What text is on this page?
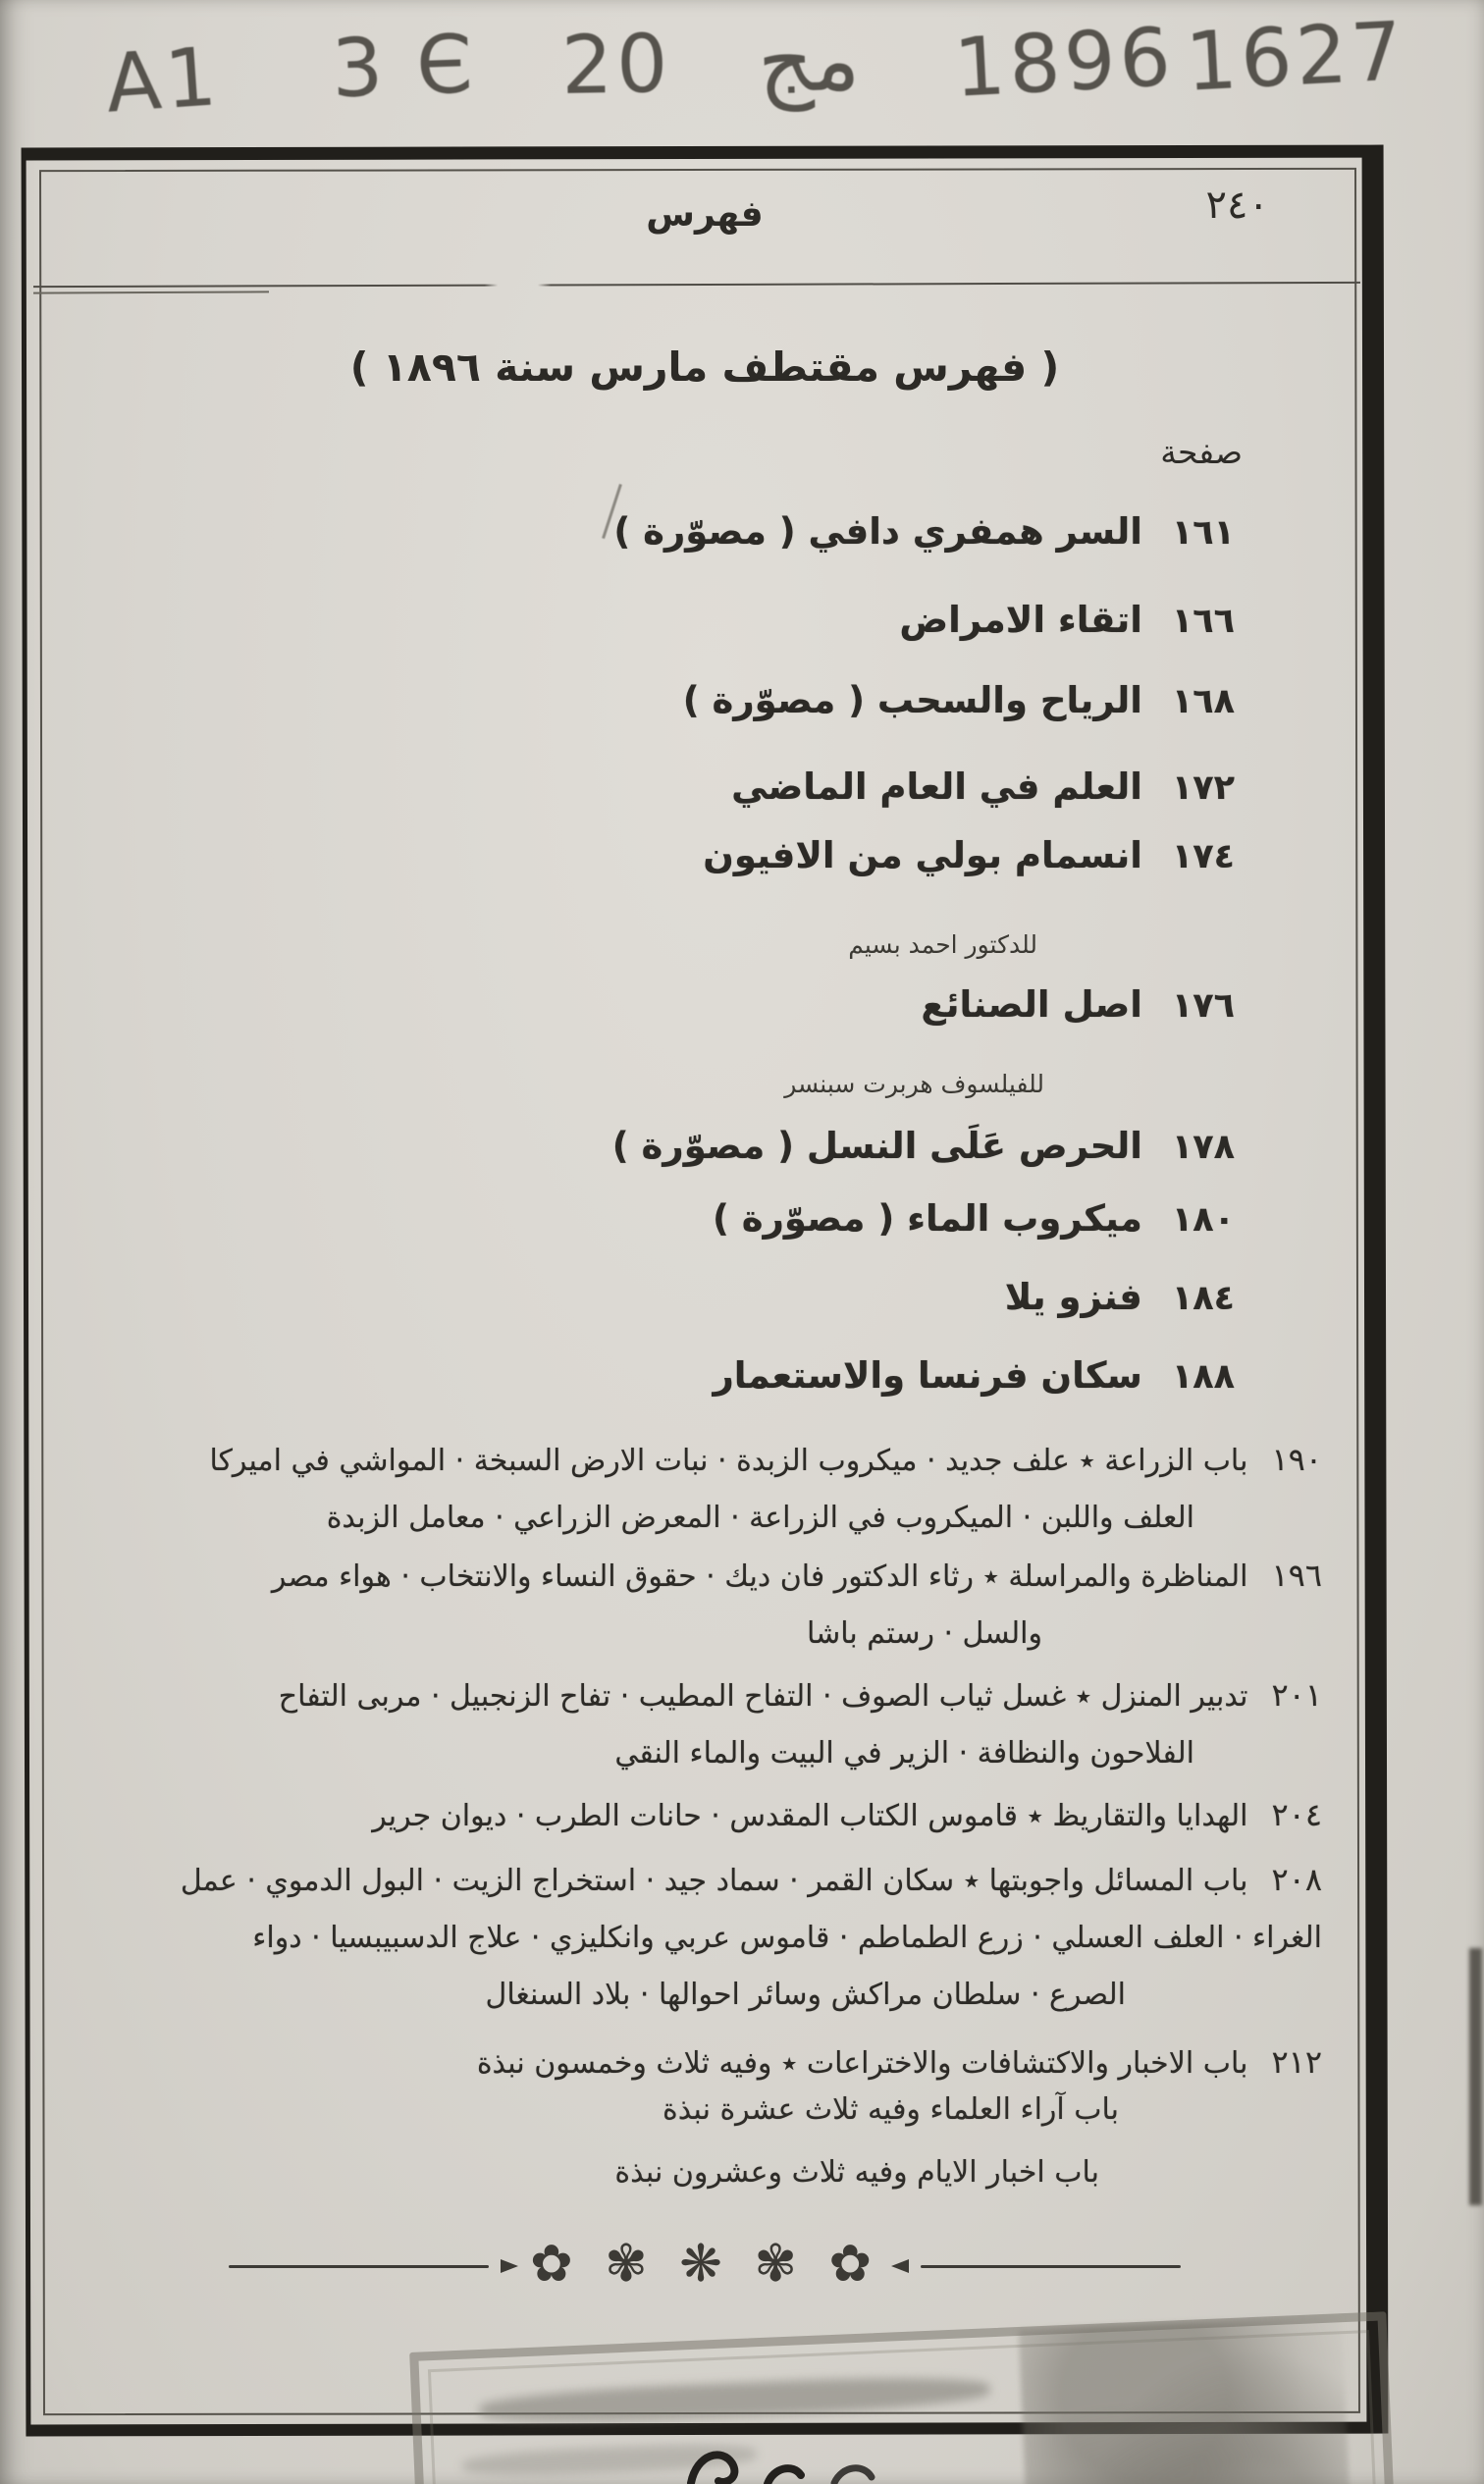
A1 3 Є 20 مج 1896 1627
فهرس	٢٤٠
( فهرس مقتطف مارس سنة ١٨٩٦ )
صفحة
١٦١السر همفري دافي ( مصوّرة )
١٦٦اتقاء الامراض
١٦٨الرياح والسحب ( مصوّرة )
١٧٢العلم في العام الماضي
١٧٤انسمام بولي من الافيون
للدكتور احمد بسيم
١٧٦اصل الصنائع
للفيلسوف هربرت سبنسر
١٧٨الحرص عَلَى النسل ( مصوّرة )
١٨٠ميكروب الماء ( مصوّرة )
١٨٤فنزو يلا
١٨٨سكان فرنسا والاستعمار
١٩٠باب الزراعة ٭ علف جديد · ميكروب الزبدة · نبات الارض السبخة · المواشي في اميركا
العلف واللبن · الميكروب في الزراعة · المعرض الزراعي · معامل الزبدة
١٩٦المناظرة والمراسلة ٭ رثاء الدكتور فان ديك · حقوق النساء والانتخاب · هواء مصر
والسل · رستم باشا
٢٠١تدبير المنزل ٭ غسل ثياب الصوف · التفاح المطيب · تفاح الزنجبيل · مربى التفاح
الفلاحون والنظافة · الزير في البيت والماء النقي
٢٠٤الهدايا والتقاريظ ٭ قاموس الكتاب المقدس · حانات الطرب · ديوان جرير
٢٠٨باب المسائل واجوبتها ٭ سكان القمر · سماد جيد · استخراج الزيت · البول الدموي · عمل
الغراء · العلف العسلي · زرع الطماطم · قاموس عربي وانكليزي · علاج الدسبيبسيا · دواء
الصرع · سلطان مراكش وسائر احوالها · بلاد السنغال
٢١٢باب الاخبار والاكتشافات والاختراعات ٭ وفيه ثلاث وخمسون نبذة
باب آراء العلماء وفيه ثلاث عشرة نبذة
باب اخبار الايام وفيه ثلاث وعشرون نبذة
✿ ✾ ❋ ✾ ✿
